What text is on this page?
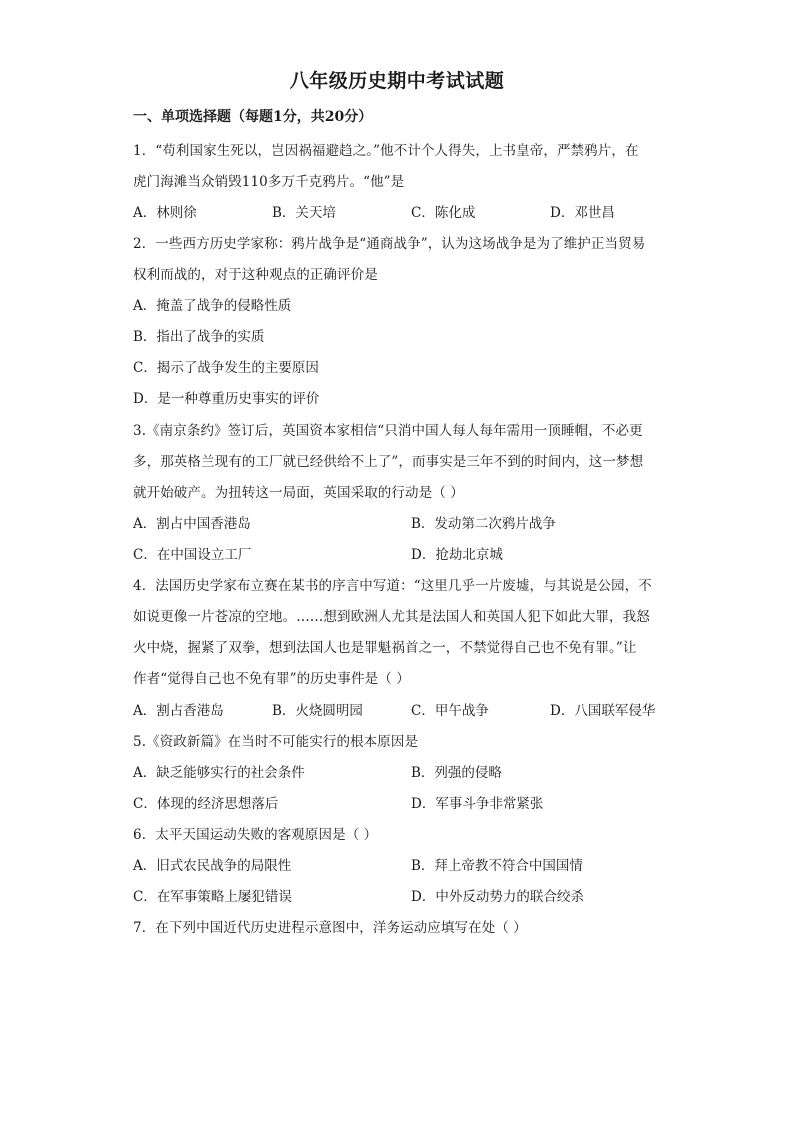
八年级历史期中考试试题
一、单项选择题（每题1分，共20分）
1．“苟利国家生死以，岂因祸福避趋之。”他不计个人得失，上书皇帝，严禁鸦片，在
虎门海滩当众销毁110多万千克鸦片。“他”是
A．林则徐	B．关天培	C．陈化成	D．邓世昌
2．一些西方历史学家称：鸦片战争是“通商战争”，认为这场战争是为了维护正当贸易
权利而战的，对于这种观点的正确评价是
A．掩盖了战争的侵略性质
B．指出了战争的实质
C．揭示了战争发生的主要原因
D．是一种尊重历史事实的评价
3.《南京条约》签订后，英国资本家相信“只消中国人每人每年需用一顶睡帽，不必更
多，那英格兰现有的工厂就已经供给不上了”，而事实是三年不到的时间内，这一梦想
就开始破产。为扭转这一局面，英国采取的行动是（ ）
A．割占中国香港岛	B．发动第二次鸦片战争
C．在中国设立工厂	D．抢劫北京城
4．法国历史学家布立赛在某书的序言中写道：“这里几乎一片废墟，与其说是公园，不
如说更像一片苍凉的空地。……想到欧洲人尤其是法国人和英国人犯下如此大罪，我怒
火中烧，握紧了双拳，想到法国人也是罪魁祸首之一，不禁觉得自己也不免有罪。”让
作者“觉得自己也不免有罪”的历史事件是（ ）
A．割占香港岛	B．火烧圆明园	C．甲午战争	D．八国联军侵华
5.《资政新篇》在当时不可能实行的根本原因是
A．缺乏能够实行的社会条件	B．列强的侵略
C．体现的经济思想落后	D．军事斗争非常紧张
6．太平天国运动失败的客观原因是（ ）
A．旧式农民战争的局限性	B．拜上帝教不符合中国国情
C．在军事策略上屡犯错误	D．中外反动势力的联合绞杀
7．在下列中国近代历史进程示意图中，洋务运动应填写在处（ ）
